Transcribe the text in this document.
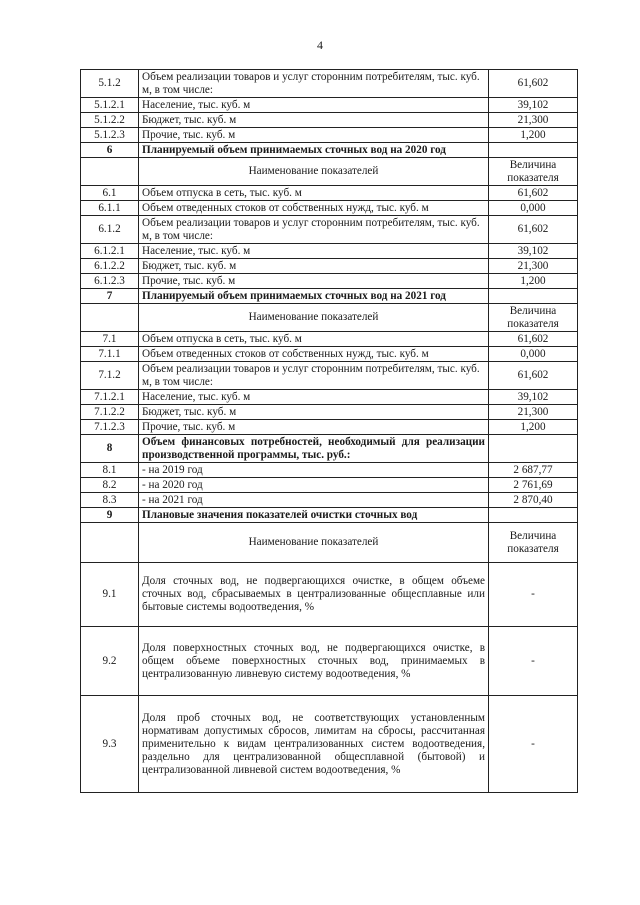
4
5.1.2	Объем реализации товаров и услуг сторонним потребителям, тыс. куб. м, в том числе:	61,602
5.1.2.1	Население, тыс. куб. м	39,102
5.1.2.2	Бюджет, тыс. куб. м	21,300
5.1.2.3	Прочие, тыс. куб. м	1,200
6	Планируемый объем принимаемых сточных вод на 2020 год	
	Наименование показателей	Величина показателя
6.1	Объем отпуска в сеть, тыс. куб. м	61,602
6.1.1	Объем отведенных стоков от собственных нужд, тыс. куб. м	0,000
6.1.2	Объем реализации товаров и услуг сторонним потребителям, тыс. куб. м, в том числе:	61,602
6.1.2.1	Население, тыс. куб. м	39,102
6.1.2.2	Бюджет, тыс. куб. м	21,300
6.1.2.3	Прочие, тыс. куб. м	1,200
7	Планируемый объем принимаемых сточных вод на 2021 год	
	Наименование показателей	Величина показателя
7.1	Объем отпуска в сеть, тыс. куб. м	61,602
7.1.1	Объем отведенных стоков от собственных нужд, тыс. куб. м	0,000
7.1.2	Объем реализации товаров и услуг сторонним потребителям, тыс. куб. м, в том числе:	61,602
7.1.2.1	Население, тыс. куб. м	39,102
7.1.2.2	Бюджет, тыс. куб. м	21,300
7.1.2.3	Прочие, тыс. куб. м	1,200
8	Объем финансовых потребностей, необходимый для реализации производственной программы, тыс. руб.:	
8.1	- на 2019 год	2 687,77
8.2	- на 2020 год	2 761,69
8.3	- на 2021 год	2 870,40
9	Плановые значения показателей очистки сточных вод	
	Наименование показателей	Величина показателя
9.1	Доля сточных вод, не подвергающихся очистке, в общем объеме сточных вод, сбрасываемых в централизованные общесплавные или бытовые системы водоотведения, %	-
9.2	Доля поверхностных сточных вод, не подвергающихся очистке, в общем объеме поверхностных сточных вод, принимаемых в централизованную ливневую систему водоотведения, %	-
9.3	Доля проб сточных вод, не соответствующих установленным нормативам допустимых сбросов, лимитам на сбросы, рассчитанная применительно к видам централизованных систем водоотведения, раздельно для централизованной общесплавной (бытовой) и централизованной ливневой систем водоотведения, %	-
